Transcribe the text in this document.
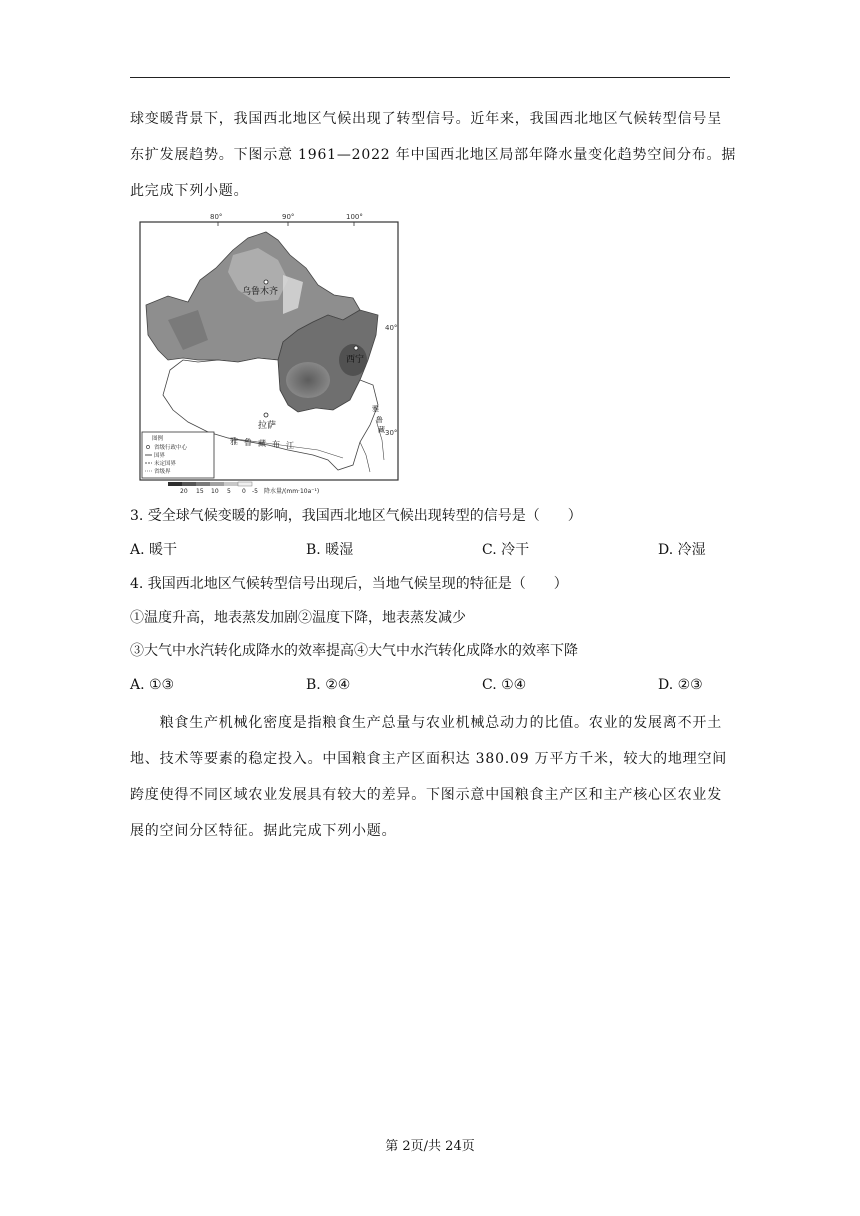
球变暖背景下，我国西北地区气候出现了转型信号。近年来，我国西北地区气候转型信号呈
东扩发展趋势。下图示意 1961—2022 年中国西北地区局部年降水量变化趋势空间分布。据
此完成下列小题。
80°	90°	100°
40°
30°
乌鲁木齐
西宁
拉萨
雅 鲁 藏 布 江
雅
鲁
藏
图例
省级行政中心
国界
未定国界
省级界
20 15 10 5 0 -5 降水量/(mm·10a⁻¹)
3. 受全球气候变暖的影响，我国西北地区气候出现转型的信号是（　　）
A. 暖干	B. 暖湿	C. 冷干	D. 冷湿
4. 我国西北地区气候转型信号出现后，当地气候呈现的特征是（　　）
①温度升高，地表蒸发加剧②温度下降，地表蒸发减少
③大气中水汽转化成降水的效率提高④大气中水汽转化成降水的效率下降
A. ①③	B. ②④	C. ①④	D. ②③
　　粮食生产机械化密度是指粮食生产总量与农业机械总动力的比值。农业的发展离不开土
地、技术等要素的稳定投入。中国粮食主产区面积达 380.09 万平方千米，较大的地理空间
跨度使得不同区域农业发展具有较大的差异。下图示意中国粮食主产区和主产核心区农业发
展的空间分区特征。据此完成下列小题。
第 2页/共 24页
